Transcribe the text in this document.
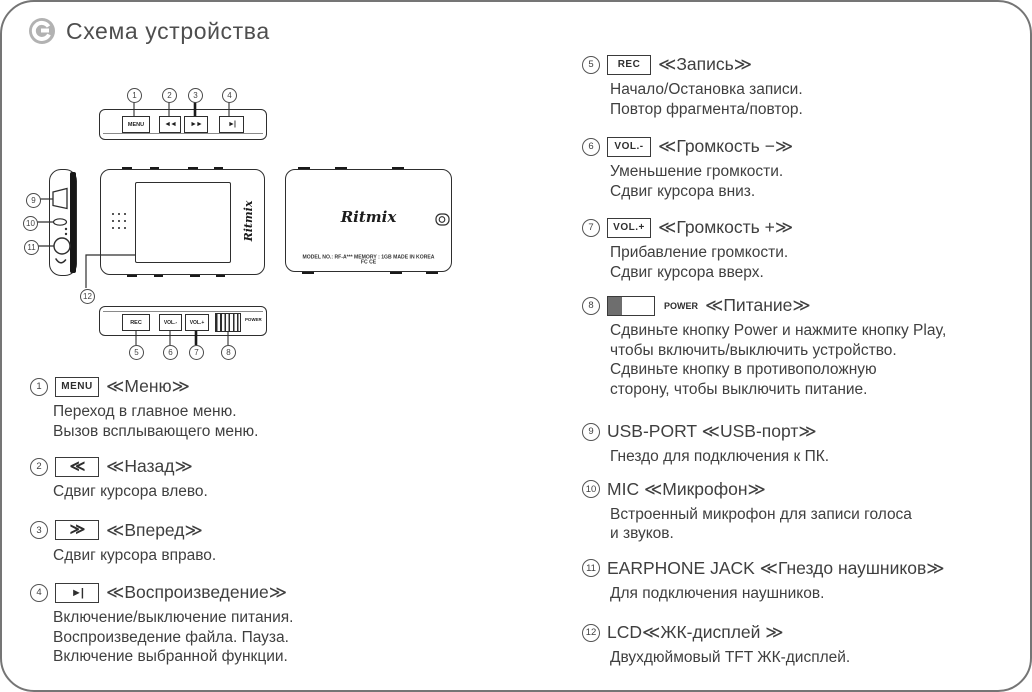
Схема устройства
MENU	◄◄	►►	►|
1	2	3	4
9
10
11
Ritmix
12
Ritmix
MODEL NO.: RF-A*** MEMORY : 1GB MADE IN KOREA FC CE
REC	VOL.-	VOL.+	POWER
5	6	7	8
1	MENU ≪Меню≫
Переход в главное меню.
Вызов всплывающего меню.
2	≪	≪Назад≫
Сдвиг курсора влево.
3	≫	≪Вперед≫
Сдвиг курсора вправо.
4	►|	≪Воспроизведение≫
Включение/выключение питания.
Воспроизведение файла. Пауза.
Включение выбранной функции.
5	REC	≪Запись≫
Начало/Остановка записи.
Повтор фрагмента/повтор.
6	VOL.- ≪Громкость −≫
Уменьшение громкости.
Сдвиг курсора вниз.
7	VOL.+ ≪Громкость +≫
Прибавление громкости.
Сдвиг курсора вверх.
8	POWER ≪Питание≫
Сдвиньте кнопку Power и нажмите кнопку Play,
чтобы включить/выключить устройство.
Сдвиньте кнопку в противоположную
сторону, чтобы выключить питание.
9 USB-PORT ≪USB-порт≫
Гнездо для подключения к ПК.
10 MIC ≪Микрофон≫
Встроенный микрофон для записи голоса
и звуков.
11 EARPHONE JACK ≪Гнездо наушников≫
Для подключения наушников.
12 LCD≪ЖК-дисплей ≫
Двухдюймовый TFT ЖК-дисплей.
